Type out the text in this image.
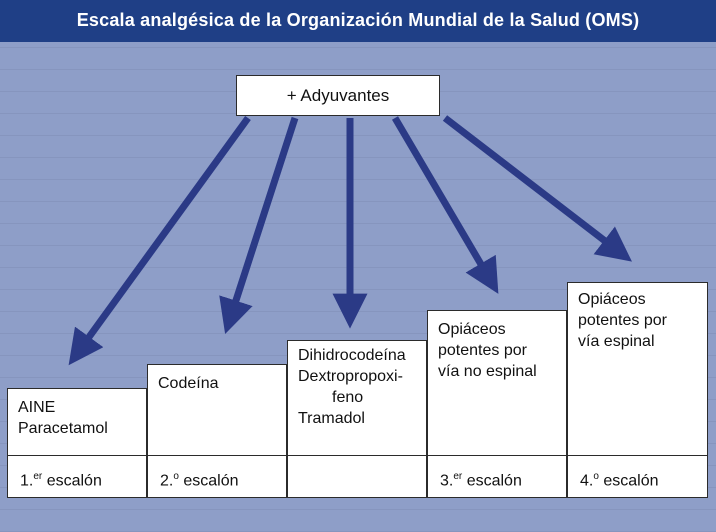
Escala analgésica de la Organización Mundial de la Salud (OMS)
+ Adyuvantes
AINE
Paracetamol
1.$^{er}$ escalón
Codeína
2.$^o$ escalón
Dihidrocodeína
Dextropropoxi-
feno
Tramadol
Opiáceos
potentes por
vía no espinal
3.$^{er}$ escalón
Opiáceos
potentes por
vía espinal
4.$^o$ escalón
